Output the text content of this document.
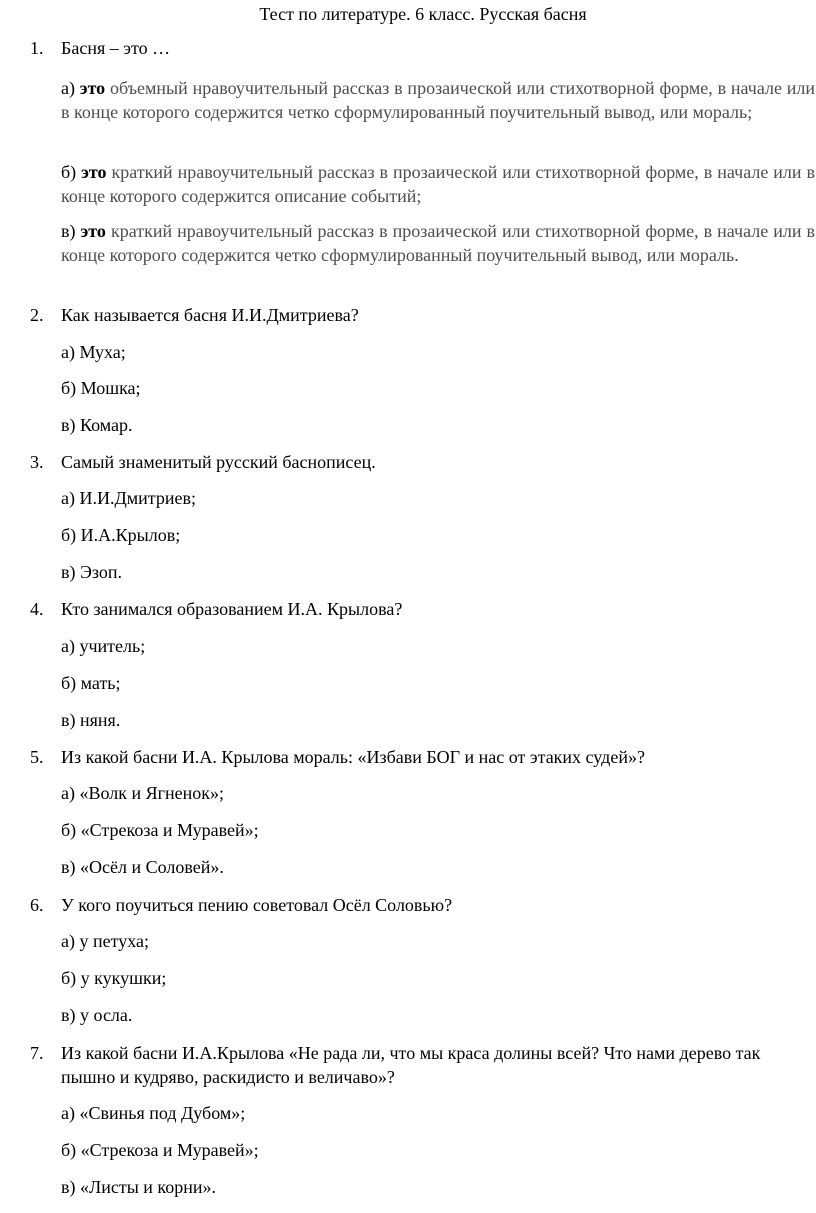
Тест по литературе. 6 класс. Русская басня
1. Басня – это …
а) это объемный нравоучительный рассказ в прозаической или стихотворной форме, в начале или в конце которого содержится четко сформулированный поучительный вывод, или мораль;
б) это краткий нравоучительный рассказ в прозаической или стихотворной форме, в начале или в конце которого содержится описание событий;
в) это краткий нравоучительный рассказ в прозаической или стихотворной форме, в начале или в конце которого содержится четко сформулированный поучительный вывод, или мораль.
2. Как называется басня И.И.Дмитриева?
а) Муха;
б) Мошка;
в) Комар.
3. Самый знаменитый русский баснописец.
а) И.И.Дмитриев;
б) И.А.Крылов;
в) Эзоп.
4. Кто занимался образованием И.А. Крылова?
а) учитель;
б) мать;
в) няня.
5. Из какой басни И.А. Крылова мораль: «Избави БОГ и нас от этаких судей»?
а) «Волк и Ягненок»;
б) «Стрекоза и Муравей»;
в) «Осёл и Соловей».
6. У кого поучиться пению советовал Осёл Соловью?
а) у петуха;
б) у кукушки;
в) у осла.
7. Из какой басни И.А.Крылова «Не рада ли, что мы краса долины всей? Что нами дерево так пышно и кудряво, раскидисто и величаво»?
а) «Свинья под Дубом»;
б) «Стрекоза и Муравей»;
в) «Листы и корни».
